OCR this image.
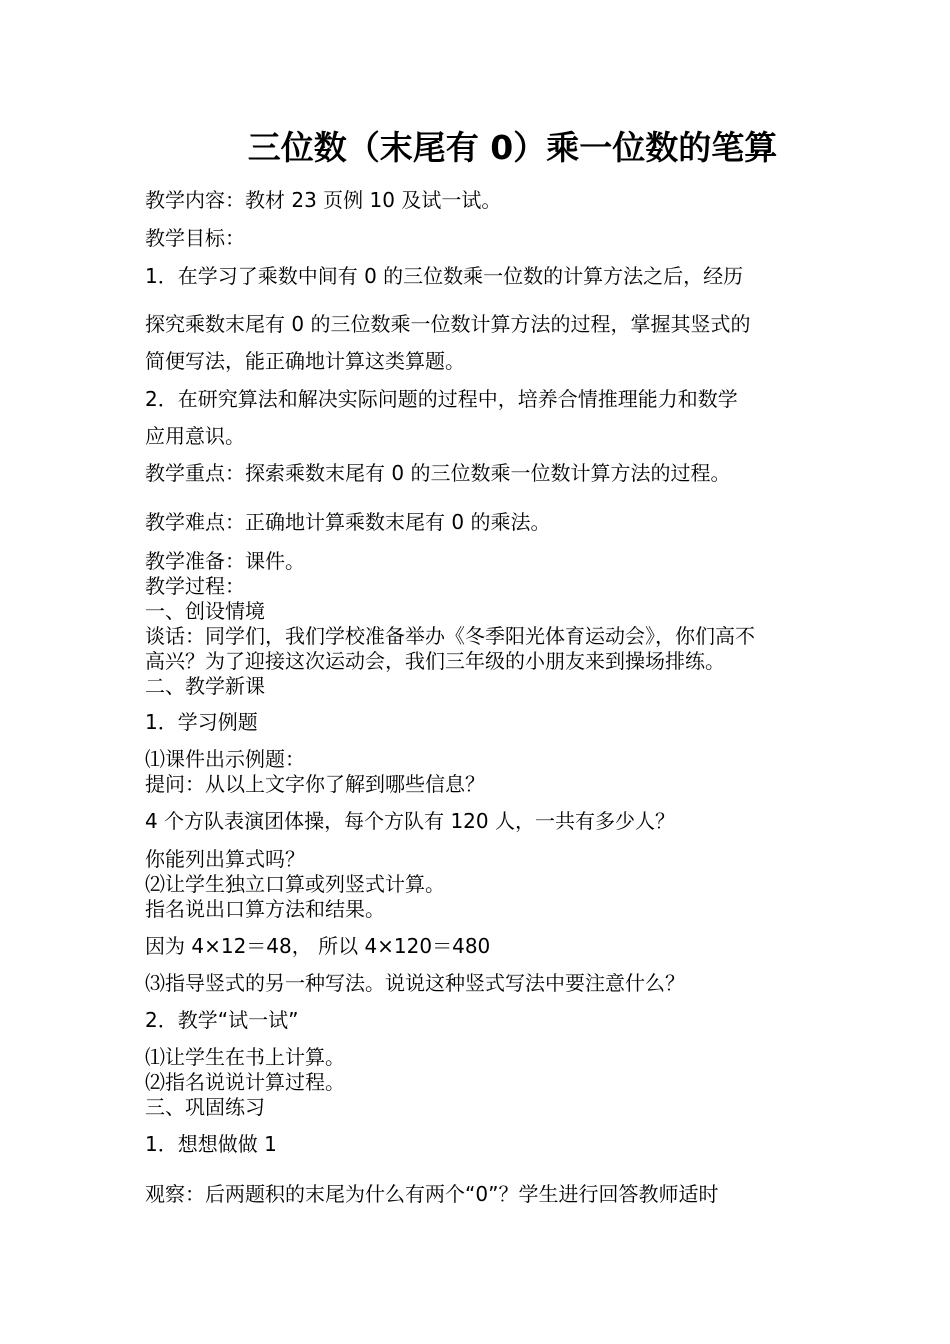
三位数（末尾有 0）乘一位数的笔算
教学内容：教材 23 页例 10 及试一试。
教学目标：
1．在学习了乘数中间有 0 的三位数乘一位数的计算方法之后，经历
探究乘数末尾有 0 的三位数乘一位数计算方法的过程，掌握其竖式的
简便写法，能正确地计算这类算题。
2．在研究算法和解决实际问题的过程中，培养合情推理能力和数学
应用意识。
教学重点：探索乘数末尾有 0 的三位数乘一位数计算方法的过程。
教学难点：正确地计算乘数末尾有 0 的乘法。
教学准备：课件。
教学过程：
一、创设情境
谈话：同学们，我们学校准备举办《冬季阳光体育运动会》，你们高不
高兴？为了迎接这次运动会，我们三年级的小朋友来到操场排练。
二、教学新课
1．学习例题
⑴课件出示例题：
提问：从以上文字你了解到哪些信息？
4 个方队表演团体操，每个方队有 120 人，一共有多少人？
你能列出算式吗？
⑵让学生独立口算或列竖式计算。
指名说出口算方法和结果。
因为 4×12＝48， 所以 4×120＝480
⑶指导竖式的另一种写法。说说这种竖式写法中要注意什么？
2．教学“试一试”
⑴让学生在书上计算。
⑵指名说说计算过程。
三、巩固练习
1．想想做做 1
观察：后两题积的末尾为什么有两个“0”？学生进行回答教师适时
